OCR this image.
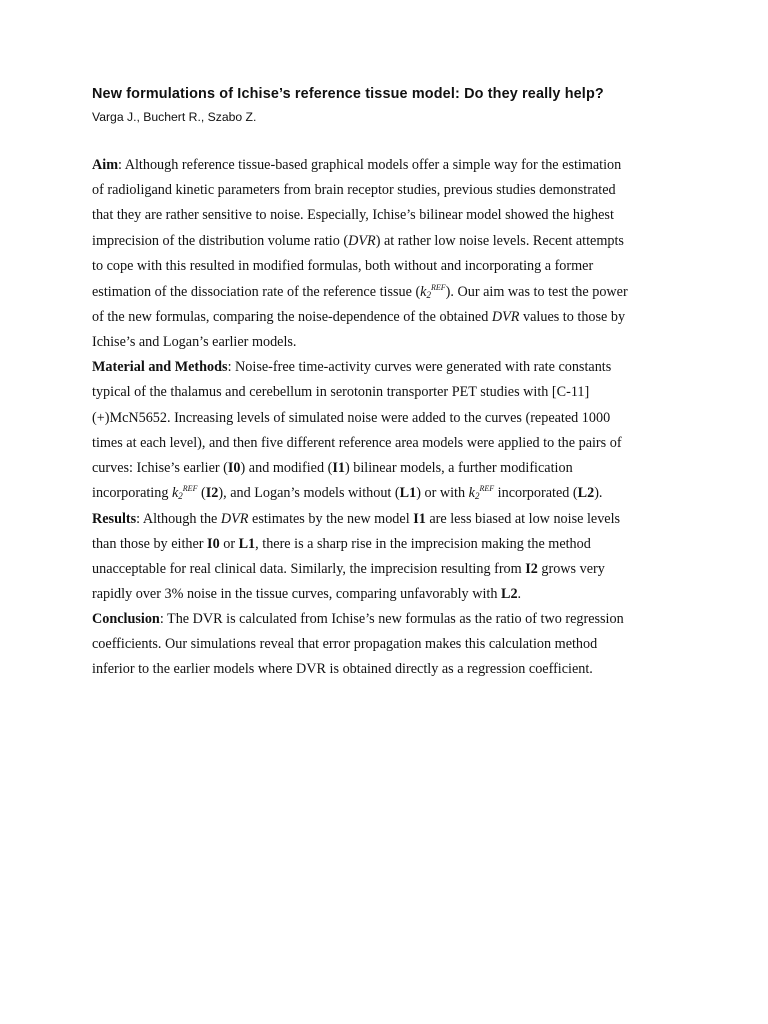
New formulations of Ichise’s reference tissue model: Do they really help?

Varga J., Buchert R., Szabo Z.

Aim: Although reference tissue-based graphical models offer a simple way for the estimation
of radioligand kinetic parameters from brain receptor studies, previous studies demonstrated
that they are rather sensitive to noise. Especially, Ichise’s bilinear model showed the highest
imprecision of the distribution volume ratio (DVR) at rather low noise levels. Recent attempts
to cope with this resulted in modified formulas, both without and incorporating a former
estimation of the dissociation rate of the reference tissue $(k_2^{REF})$. Our aim was to test the power
of the new formulas, comparing the noise-dependence of the obtained DVR values to those by
Ichise’s and Logan’s earlier models.
Material and Methods: Noise-free time-activity curves were generated with rate constants
typical of the thalamus and cerebellum in serotonin transporter PET studies with [C-11]
(+)McN5652. Increasing levels of simulated noise were added to the curves (repeated 1000
times at each level), and then five different reference area models were applied to the pairs of
curves: Ichise’s earlier (I0) and modified (I1) bilinear models, a further modification
incorporating $k_2^{REF}$ (I2), and Logan’s models without (L1) or with $k_2^{REF}$ incorporated (L2).
Results: Although the DVR estimates by the new model I1 are less biased at low noise levels
than those by either I0 or L1, there is a sharp rise in the imprecision making the method
unacceptable for real clinical data. Similarly, the imprecision resulting from I2 grows very
rapidly over 3% noise in the tissue curves, comparing unfavorably with L2.
Conclusion: The DVR is calculated from Ichise’s new formulas as the ratio of two regression
coefficients. Our simulations reveal that error propagation makes this calculation method
inferior to the earlier models where DVR is obtained directly as a regression coefficient.
